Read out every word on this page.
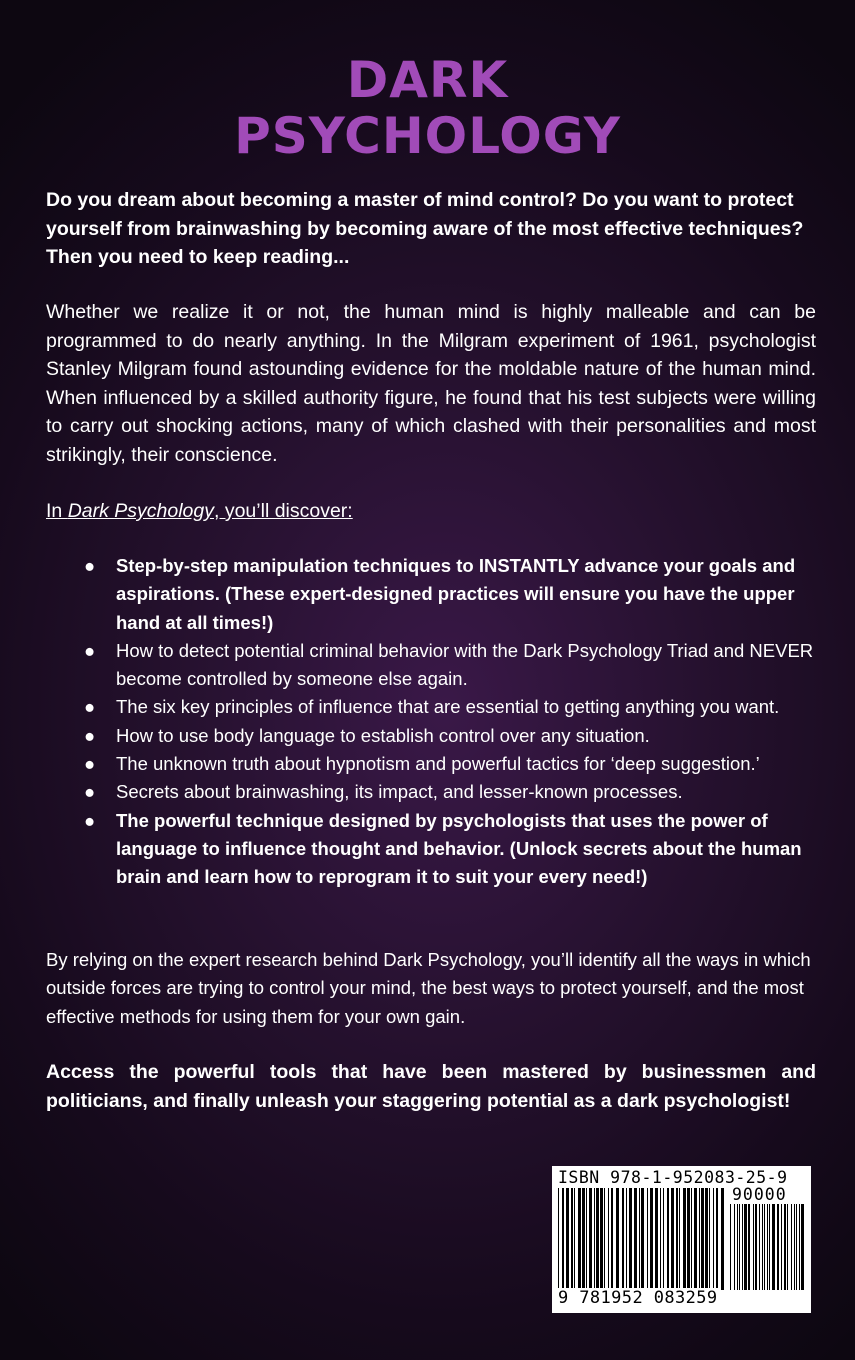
DARK
PSYCHOLOGY

Do you dream about becoming a master of mind control? Do you want to protect yourself from brainwashing by becoming aware of the most effective techniques? Then you need to keep reading...

Whether we realize it or not, the human mind is highly malleable and can be programmed to do nearly anything. In the Milgram experiment of 1961, psychologist Stanley Milgram found astounding evidence for the moldable nature of the human mind. When influenced by a skilled authority figure, he found that his test subjects were willing to carry out shocking actions, many of which clashed with their personalities and most strikingly, their conscience.

In Dark Psychology, you’ll discover:

● Step-by-step manipulation techniques to INSTANTLY advance your goals and aspirations. (These expert-designed practices will ensure you have the upper hand at all times!)
● How to detect potential criminal behavior with the Dark Psychology Triad and NEVER become controlled by someone else again.
● The six key principles of influence that are essential to getting anything you want.
● How to use body language to establish control over any situation.
● The unknown truth about hypnotism and powerful tactics for ‘deep suggestion.’
● Secrets about brainwashing, its impact, and lesser-known processes.
● The powerful technique designed by psychologists that uses the power of language to influence thought and behavior. (Unlock secrets about the human brain and learn how to reprogram it to suit your every need!)

By relying on the expert research behind Dark Psychology, you’ll identify all the ways in which outside forces are trying to control your mind, the best ways to protect yourself, and the most effective methods for using them for your own gain.

Access the powerful tools that have been mastered by businessmen and politicians, and finally unleash your staggering potential as a dark psychologist!

ISBN 978-1-952083-25-9
90000
9 781952 083259
